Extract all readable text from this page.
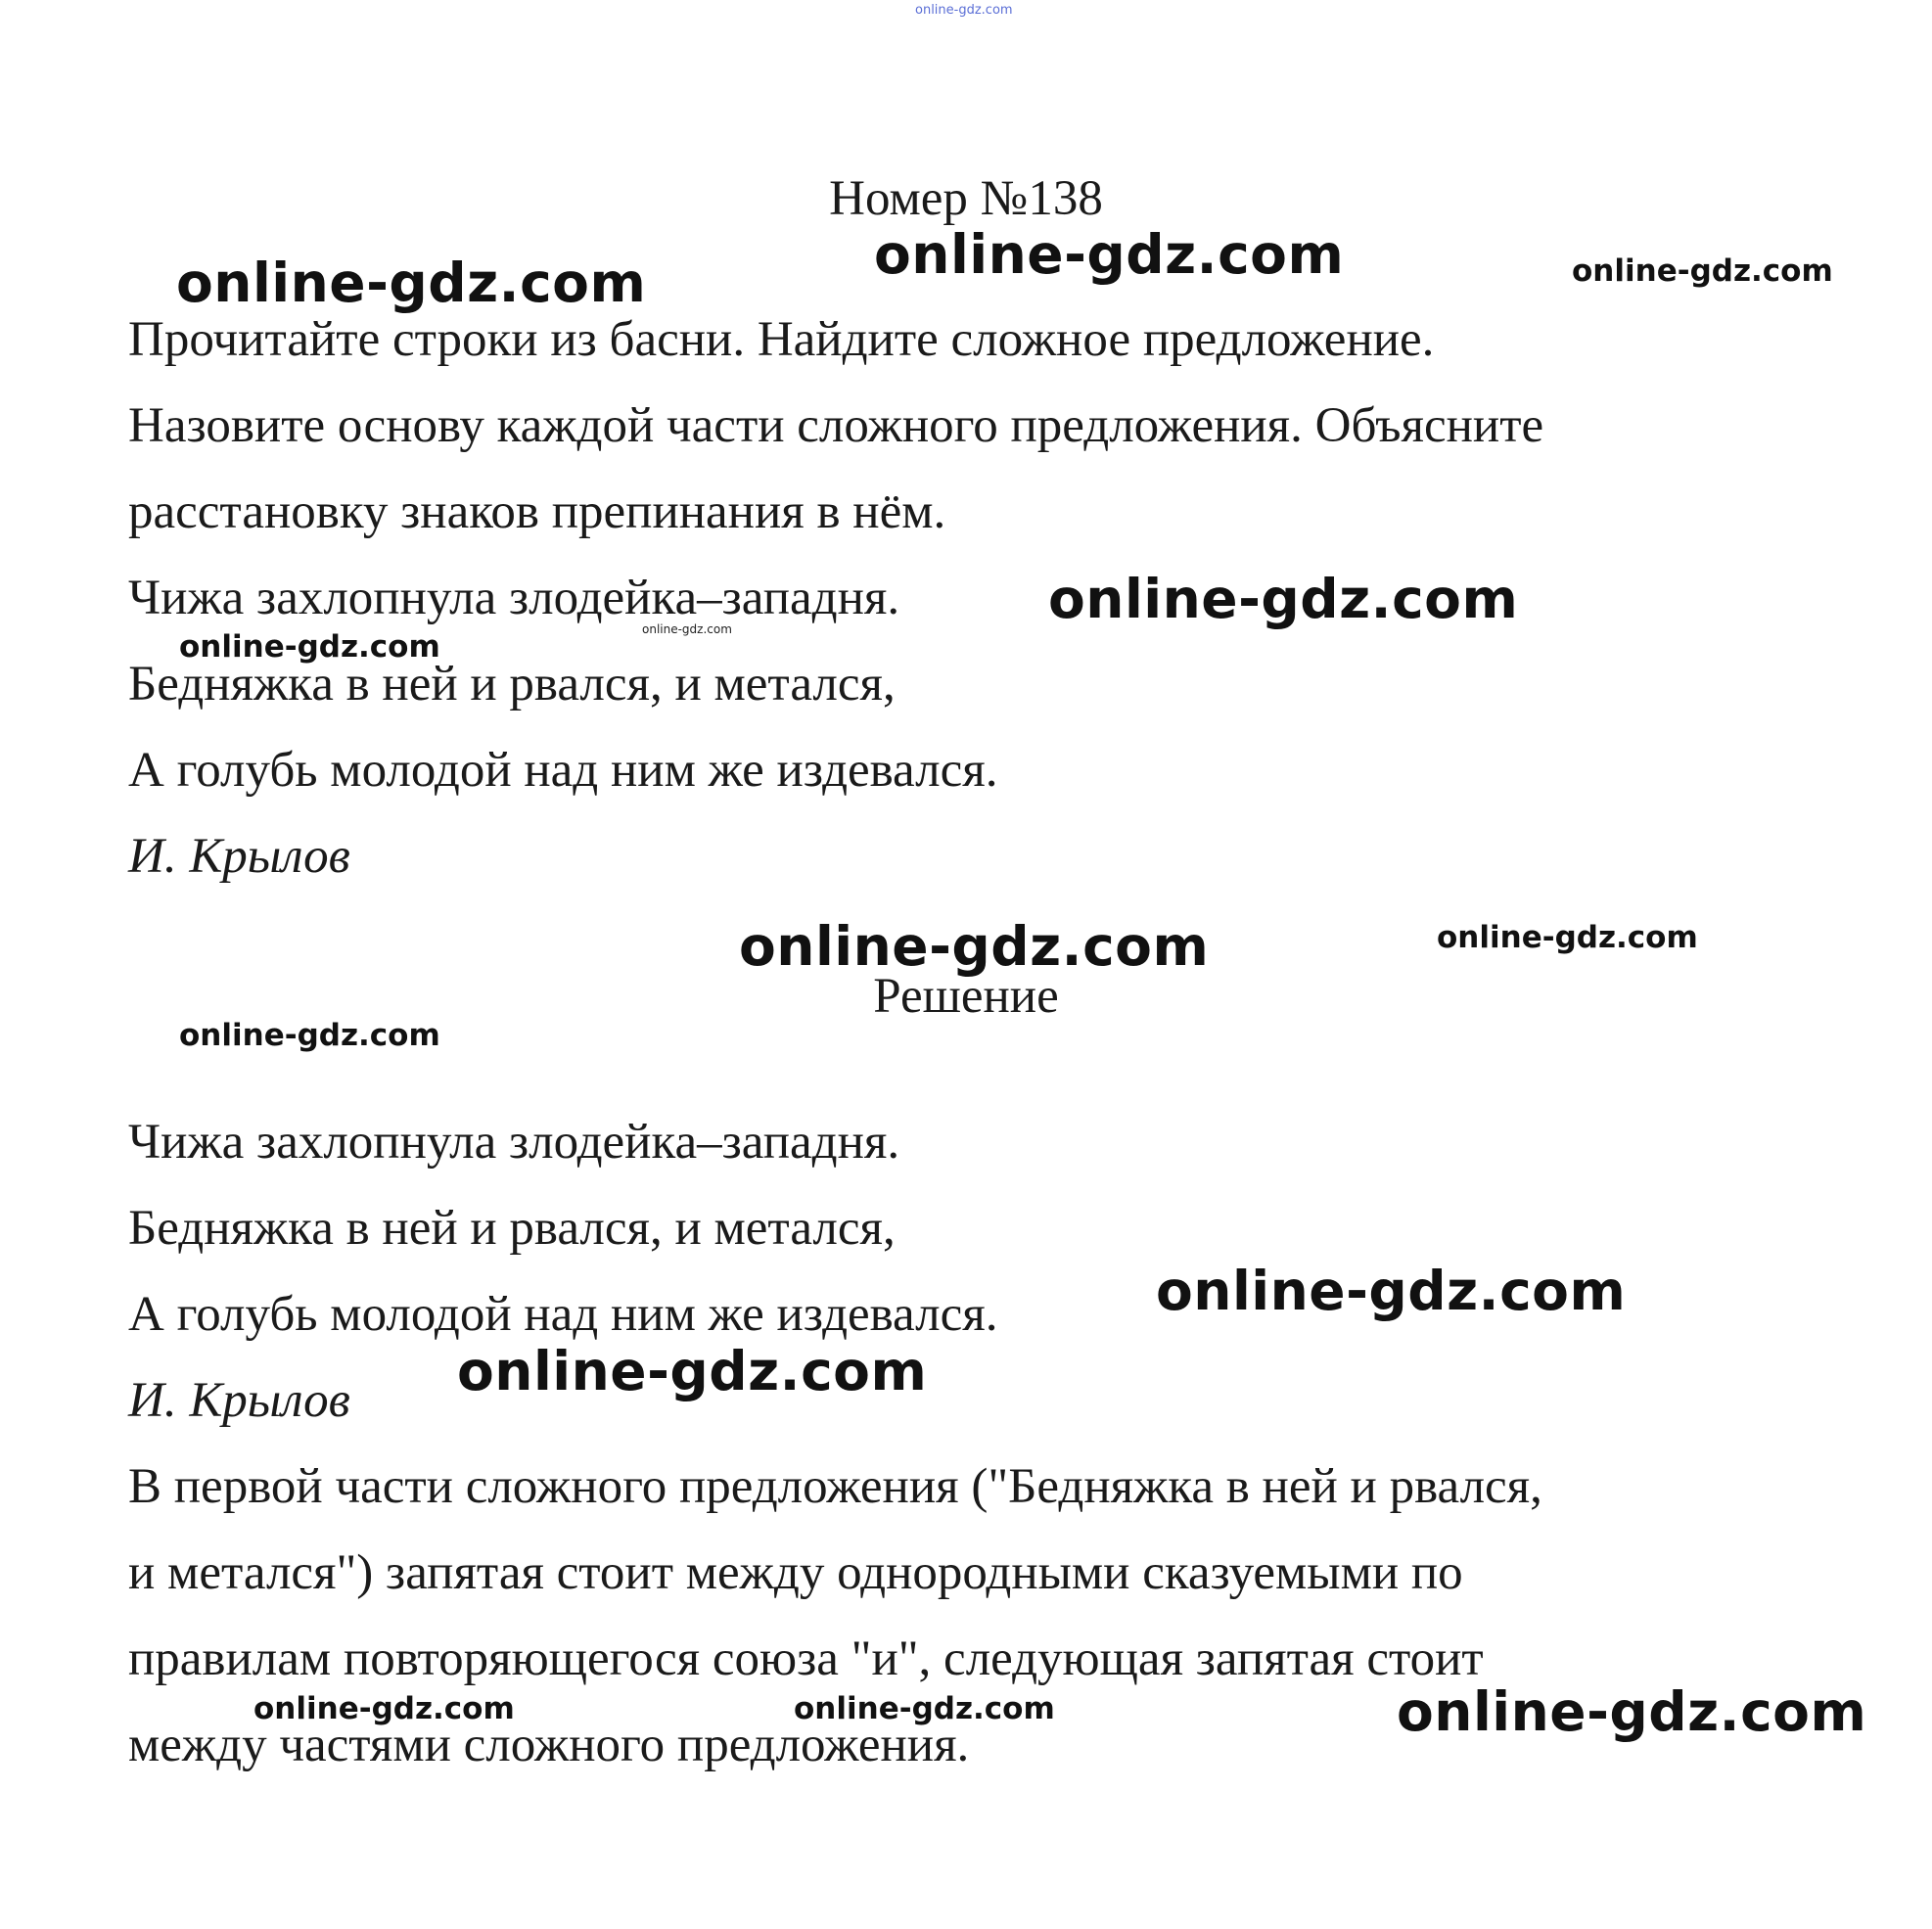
online-gdz.com
Номер №138
Прочитайте строки из басни. Найдите сложное предложение.
Назовите основу каждой части сложного предложения. Объясните
расстановку знаков препинания в нём.
Чижа захлопнула злодейка–западня.
Бедняжка в ней и рвался, и метался,
А голубь молодой над ним же издевался.
И. Крылов
Решение
Чижа захлопнула злодейка–западня.
Бедняжка в ней и рвался, и метался,
А голубь молодой над ним же издевался.
И. Крылов
В первой части сложного предложения ("Бедняжка в ней и рвался,
и метался") запятая стоит между однородными сказуемыми по
правилам повторяющегося союза "и", следующая запятая стоит
между частями сложного предложения.
online-gdz.com
online-gdz.com	online-gdz.com
online-gdz.com
online-gdz.com	online-gdz.com
online-gdz.com	online-gdz.com
online-gdz.com
online-gdz.com
online-gdz.com
online-gdz.com	online-gdz.com	online-gdz.com
